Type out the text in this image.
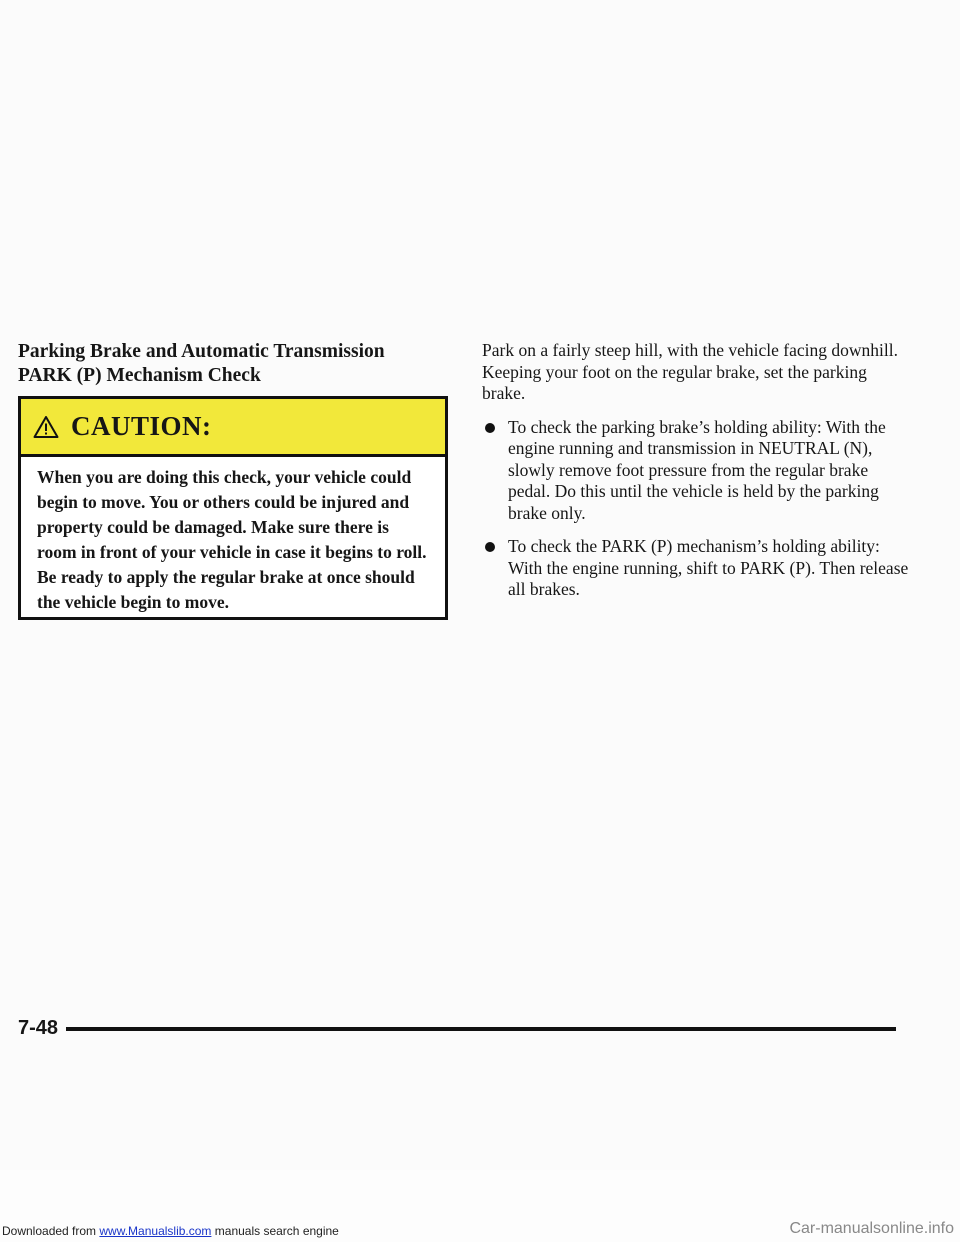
Parking Brake and Automatic Transmission
PARK (P) Mechanism Check
CAUTION:

When you are doing this check, your vehicle could begin to move. You or others could be injured and property could be damaged. Make sure there is room in front of your vehicle in case it begins to roll. Be ready to apply the regular brake at once should the vehicle begin to move.

Park on a fairly steep hill, with the vehicle facing downhill. Keeping your foot on the regular brake, set the parking brake.

To check the parking brake’s holding ability: With the engine running and transmission in NEUTRAL (N), slowly remove foot pressure from the regular brake pedal. Do this until the vehicle is held by the parking brake only.
To check the PARK (P) mechanism’s holding ability: With the engine running, shift to PARK (P). Then release all brakes.
7-48
Downloaded from www.Manualslib.com manuals search engine	Car-manualsonline.info
